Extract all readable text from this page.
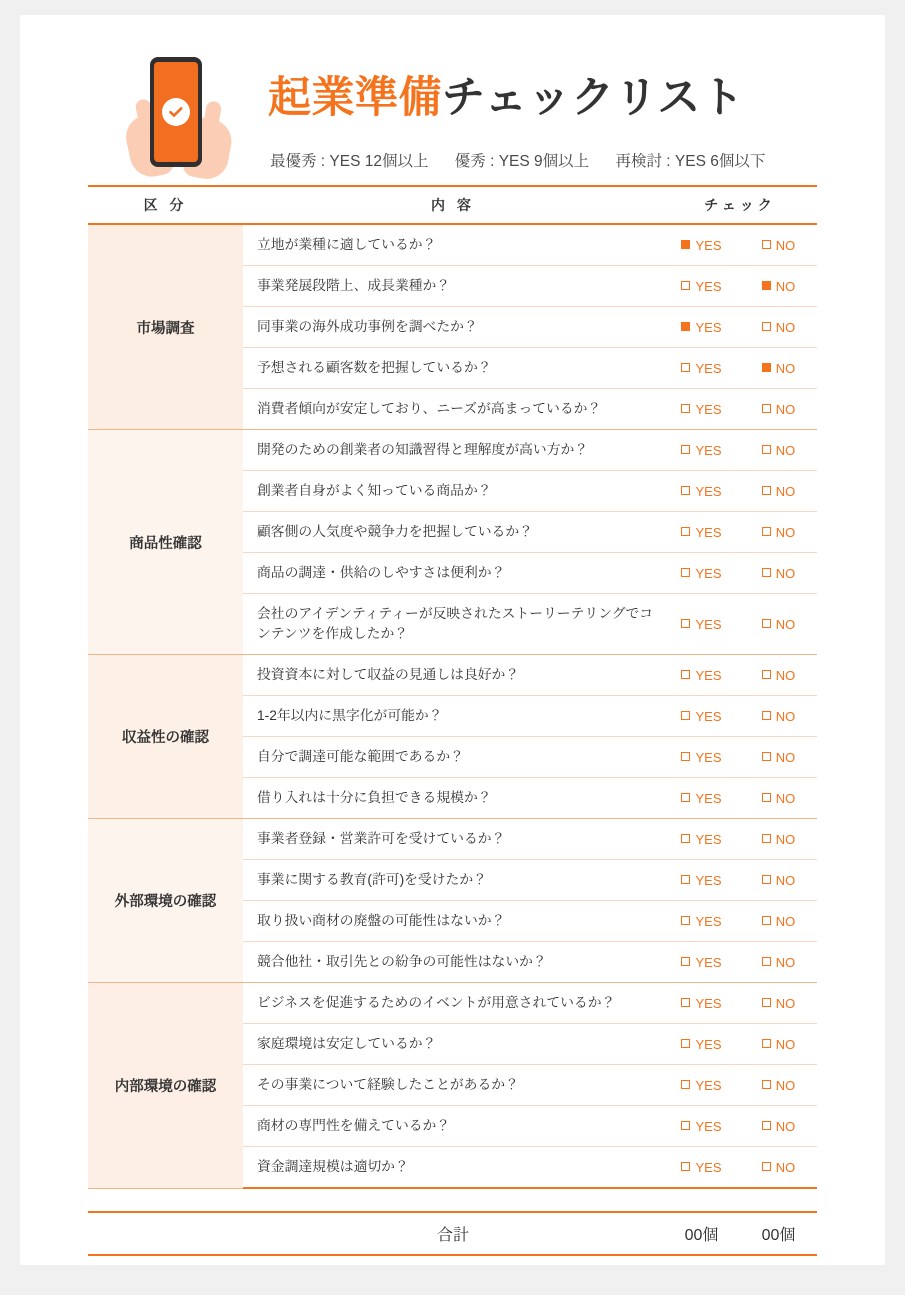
起業準備チェックリスト
最優秀 : YES 12個以上 優秀 : YES 9個以上 再検討 : YES 6個以下
区 分	内 容	チェック	
市場調査	立地が業種に適しているか？	YES	NO
	事業発展段階上、成長業種か？	YES	NO
	同事業の海外成功事例を調べたか？	YES	NO
	予想される顧客数を把握しているか？	YES	NO
	消費者傾向が安定しており、ニーズが高まっているか？	YES	NO
商品性確認	開発のための創業者の知識習得と理解度が高い方か？	YES	NO
	創業者自身がよく知っている商品か？	YES	NO
	顧客側の人気度や競争力を把握しているか？	YES	NO
	商品の調達・供給のしやすさは便利か？	YES	NO
	会社のアイデンティティーが反映されたストーリーテリングでコンテンツを作成したか？	YES	NO
収益性の確認	投資資本に対して収益の見通しは良好か？	YES	NO
	1-2年以内に黒字化が可能か？	YES	NO
	自分で調達可能な範囲であるか？	YES	NO
	借り入れは十分に負担できる規模か？	YES	NO
外部環境の確認	事業者登録・営業許可を受けているか？	YES	NO
	事業に関する教育(許可)を受けたか？	YES	NO
	取り扱い商材の廃盤の可能性はないか？	YES	NO
	競合他社・取引先との紛争の可能性はないか？	YES	NO
内部環境の確認	ビジネスを促進するためのイベントが用意されているか？	YES	NO
	家庭環境は安定しているか？	YES	NO
	その事業について経験したことがあるか？	YES	NO
	商材の専門性を備えているか？	YES	NO
	資金調達規模は適切か？	YES	NO
	合計	00個	00個
